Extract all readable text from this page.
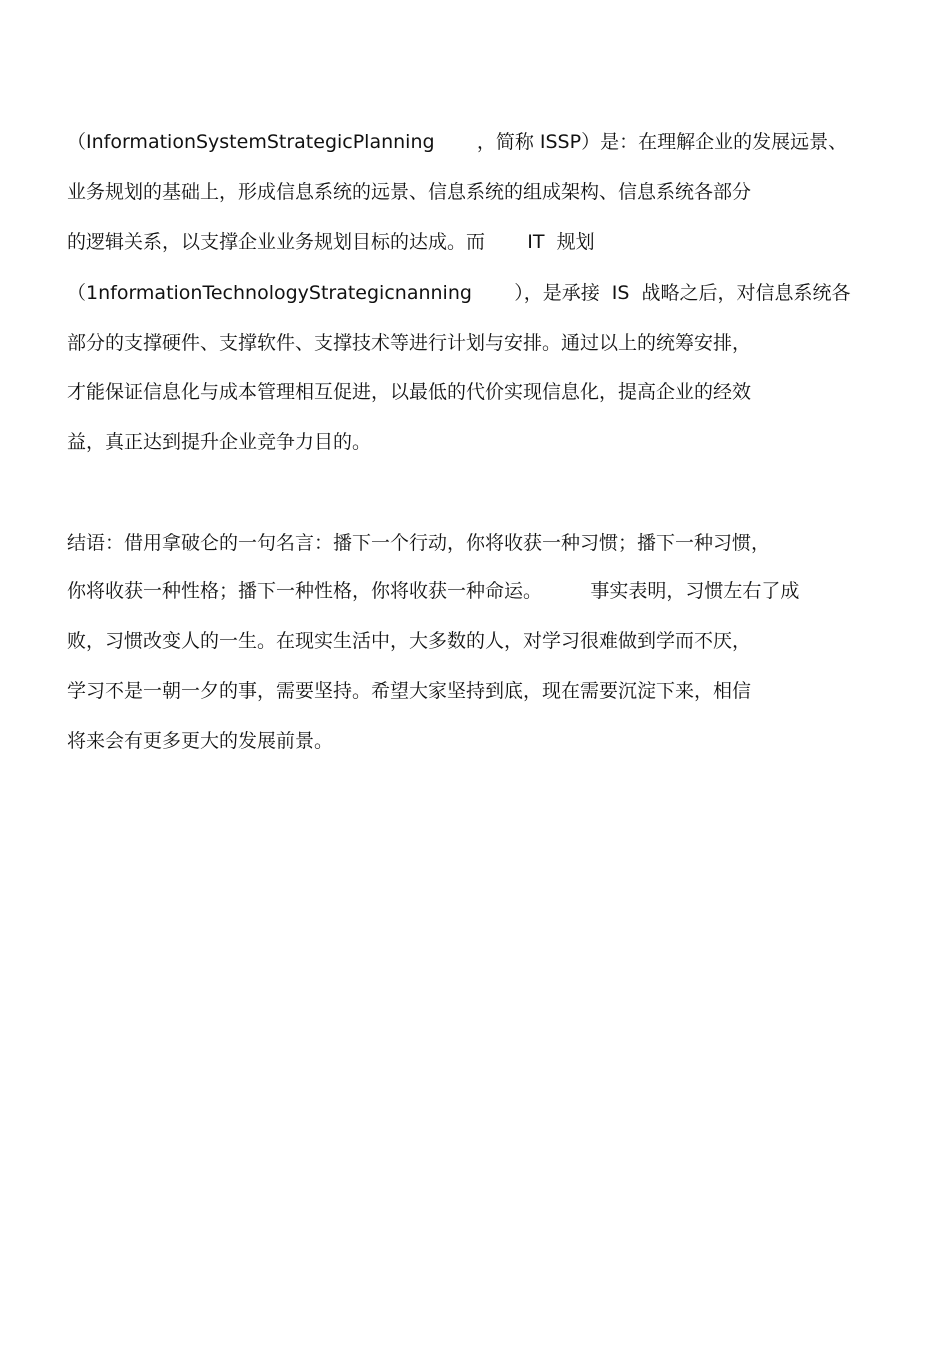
（InformationSystemStrategicPlanning       ，简称 ISSP）是：在理解企业的发展远景、
业务规划的基础上，形成信息系统的远景、信息系统的组成架构、信息系统各部分
的逻辑关系，以支撑企业业务规划目标的达成。而       IT  规划
（1nformationTechnologyStrategicnanning       ），是承接  IS  战略之后，对信息系统各
部分的支撑硬件、支撑软件、支撑技术等进行计划与安排。通过以上的统筹安排，
才能保证信息化与成本管理相互促进，以最低的代价实现信息化，提高企业的经效
益，真正达到提升企业竞争力目的。
结语：借用拿破仑的一句名言：播下一个行动，你将收获一种习惯；播下一种习惯，
你将收获一种性格；播下一种性格，你将收获一种命运。        事实表明，习惯左右了成
败，习惯改变人的一生。在现实生活中，大多数的人，对学习很难做到学而不厌，
学习不是一朝一夕的事，需要坚持。希望大家坚持到底，现在需要沉淀下来，相信
将来会有更多更大的发展前景。
